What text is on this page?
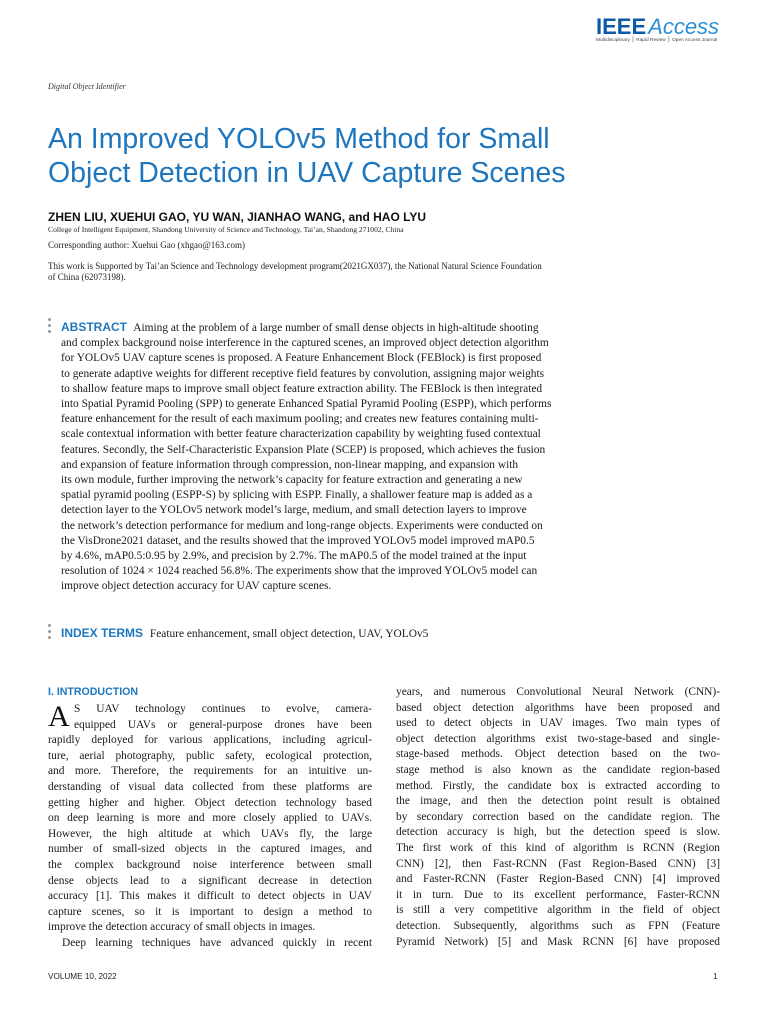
IEEEAccess
Multidisciplinary ⎪ Rapid Review ⎪ Open Access Journal
Digital Object Identifier
An Improved YOLOv5 Method for Small
Object Detection in UAV Capture Scenes
ZHEN LIU, XUEHUI GAO, YU WAN, JIANHAO WANG, and HAO LYU
College of Intelligent Equipment, Shandong University of Science and Technology, Tai’an, Shandong 271002, China
Corresponding author: Xuehui Gao (xhgao@163.com)
This work is Supported by Tai’an Science and Technology development program(2021GX037), the National Natural Science Foundation
of China (62073198).
ABSTRACT Aiming at the problem of a large number of small dense objects in high-altitude shooting
and complex background noise interference in the captured scenes, an improved object detection algorithm
for YOLOv5 UAV capture scenes is proposed. A Feature Enhancement Block (FEBlock) is first proposed
to generate adaptive weights for different receptive field features by convolution, assigning major weights
to shallow feature maps to improve small object feature extraction ability. The FEBlock is then integrated
into Spatial Pyramid Pooling (SPP) to generate Enhanced Spatial Pyramid Pooling (ESPP), which performs
feature enhancement for the result of each maximum pooling; and creates new features containing multi-
scale contextual information with better feature characterization capability by weighting fused contextual
features. Secondly, the Self-Characteristic Expansion Plate (SCEP) is proposed, which achieves the fusion
and expansion of feature information through compression, non-linear mapping, and expansion with
its own module, further improving the network’s capacity for feature extraction and generating a new
spatial pyramid pooling (ESPP-S) by splicing with ESPP. Finally, a shallower feature map is added as a
detection layer to the YOLOv5 network model’s large, medium, and small detection layers to improve
the network’s detection performance for medium and long-range objects. Experiments were conducted on
the VisDrone2021 dataset, and the results showed that the improved YOLOv5 model improved mAP0.5
by 4.6%, mAP0.5:0.95 by 2.9%, and precision by 2.7%. The mAP0.5 of the model trained at the input
resolution of 1024 × 1024 reached 56.8%. The experiments show that the improved YOLOv5 model can
improve object detection accuracy for UAV capture scenes.
INDEX TERMS Feature enhancement, small object detection, UAV, YOLOv5
I. INTRODUCTION
A S UAV technology continues to evolve, camera-
equipped UAVs or general-purpose drones have been
rapidly deployed for various applications, including agricul-
ture, aerial photography, public safety, ecological protection,
and more. Therefore, the requirements for an intuitive un-
derstanding of visual data collected from these platforms are
getting higher and higher. Object detection technology based
on deep learning is more and more closely applied to UAVs.
However, the high altitude at which UAVs fly, the large
number of small-sized objects in the captured images, and
the complex background noise interference between small
dense objects lead to a significant decrease in detection
accuracy [1]. This makes it difficult to detect objects in UAV
capture scenes, so it is important to design a method to
improve the detection accuracy of small objects in images.
Deep learning techniques have advanced quickly in recent
years, and numerous Convolutional Neural Network (CNN)-
based object detection algorithms have been proposed and
used to detect objects in UAV images. Two main types of
object detection algorithms exist two-stage-based and single-
stage-based methods. Object detection based on the two-
stage method is also known as the candidate region-based
method. Firstly, the candidate box is extracted according to
the image, and then the detection point result is obtained
by secondary correction based on the candidate region. The
detection accuracy is high, but the detection speed is slow.
The first work of this kind of algorithm is RCNN (Region
CNN) [2], then Fast-RCNN (Fast Region-Based CNN) [3]
and Faster-RCNN (Faster Region-Based CNN) [4] improved
it in turn. Due to its excellent performance, Faster-RCNN
is still a very competitive algorithm in the field of object
detection. Subsequently, algorithms such as FPN (Feature
Pyramid Network) [5] and Mask RCNN [6] have proposed
VOLUME 10, 2022	1
